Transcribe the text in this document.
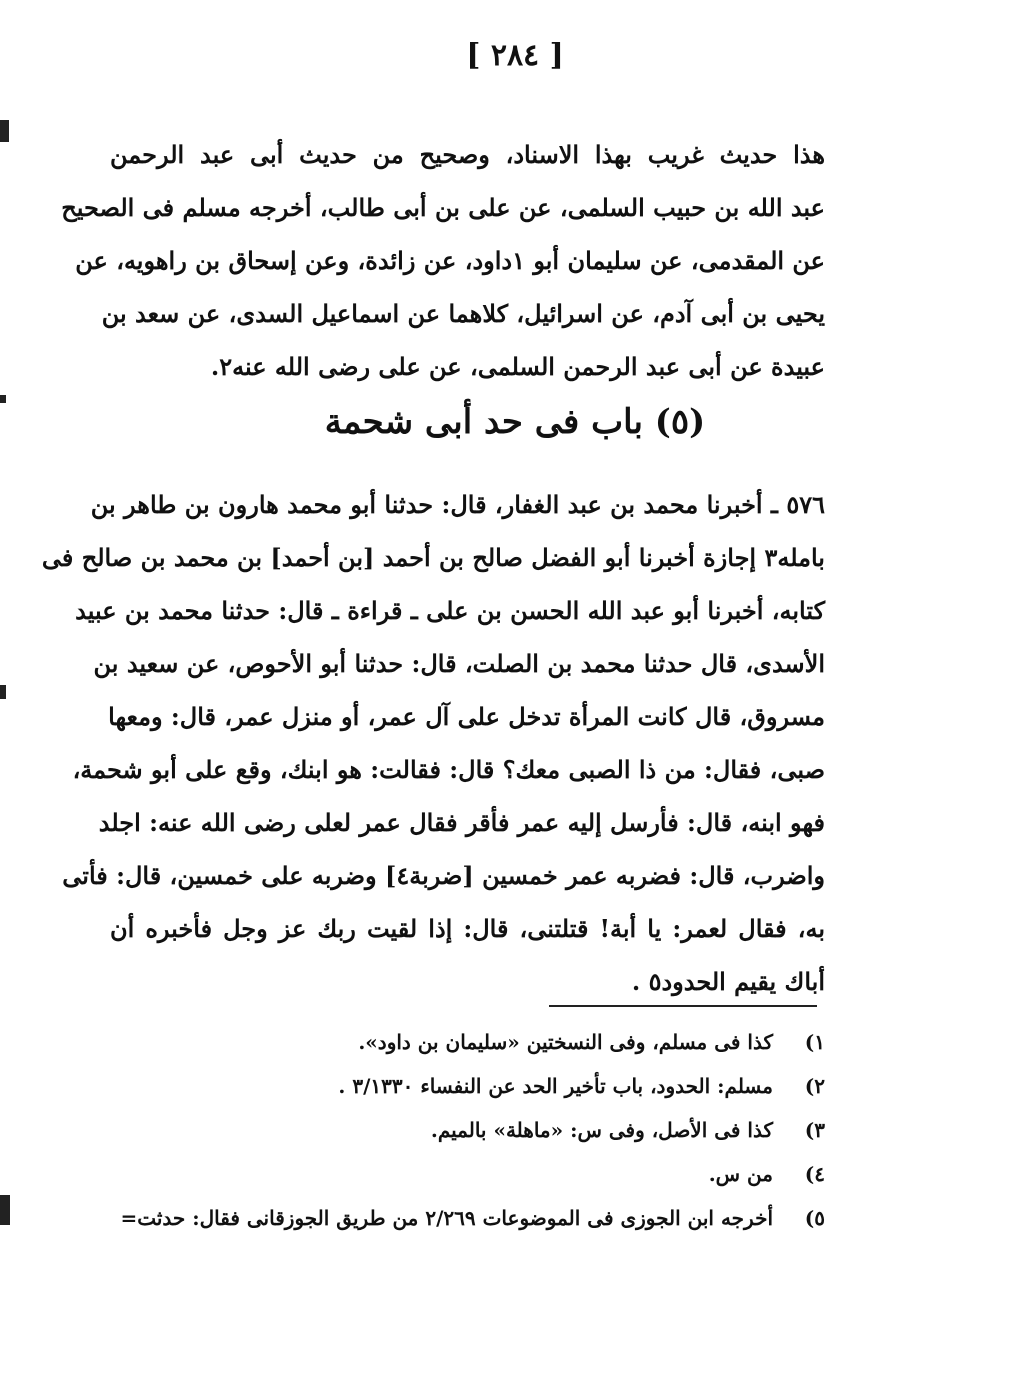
[ ٢٨٤ ]
هذا حديث غريب بهذا الاسناد، وصحيح من حديث أبى عبد الرحمن
عبد الله بن حبيب السلمى، عن على بن أبى طالب، أخرجه مسلم فى الصحيح
عن المقدمى، عن سليمان أبو ١داود، عن زائدة، وعن إسحاق بن راهويه، عن
يحيى بن أبى آدم، عن اسرائيل، كلاهما عن اسماعيل السدى، عن سعد بن
عبيدة عن أبى عبد الرحمن السلمى، عن على رضى الله عنه٢.
(٥) باب فى حد أبى شحمة
٥٧٦ ـ أخبرنا محمد بن عبد الغفار، قال: حدثنا أبو محمد هارون بن طاهر بن
بامله٣ إجازة أخبرنا أبو الفضل صالح بن أحمد [بن أحمد] بن محمد بن صالح فى
كتابه، أخبرنا أبو عبد الله الحسن بن على ـ قراءة ـ قال: حدثنا محمد بن عبيد
الأسدى، قال حدثنا محمد بن الصلت، قال: حدثنا أبو الأحوص، عن سعيد بن
مسروق، قال كانت المرأة تدخل على آل عمر، أو منزل عمر، قال: ومعها
صبى، فقال: من ذا الصبى معك؟ قال: فقالت: هو ابنك، وقع على أبو شحمة،
فهو ابنه، قال: فأرسل إليه عمر فأقر فقال عمر لعلى رضى الله عنه: اجلد
واضرب، قال: فضربه عمر خمسين [ضربة٤] وضربه على خمسين، قال: فأتى
به، فقال لعمر: يا أبة! قتلتنى، قال: إذا لقيت ربك عز وجل فأخبره أن
أباك يقيم الحدود٥ .
١)كذا فى مسلم، وفى النسختين «سليمان بن داود».
٢)مسلم: الحدود، باب تأخير الحد عن النفساء ٣/١٣٣٠ .
٣)كذا فى الأصل، وفى س: «ماهلة» بالميم.
٤)من س.
٥)أخرجه ابن الجوزى فى الموضوعات ٢/٢٦٩ من طريق الجوزقانى فقال: حدثت=
